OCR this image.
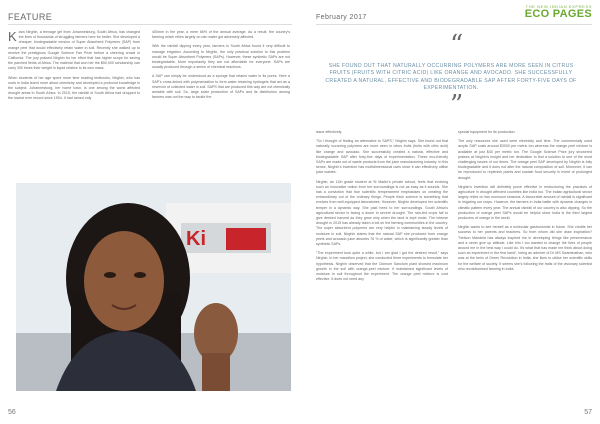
FEATURE

Kiara Nirghin, a teenage girl from Johannesburg, South Africa, has changed the lives of thousands of struggling farmers here for better. She developed a cheaper, biodegradable version of Super Absorbent Polymers (SAP) from orange peel that would effectively retain water in soil. Recently she walked up to receive the prestigious Google Science Fair Prize before a cheering crowd in California. The jury praised Nirghin for her effort that has higher scope for saving the parched fields of Africa. The material that won her the $50,000 scholarship can carry 300 times their weight in liquid relative to its own mass.

When students of her age spent more time reading textbooks, Nirghin, who has roots in India learnt more about chemistry and developed a profound knowledge in the subject. Johannesburg, her home town, is one among the worst affected drought areas in South Africa. In 2015, the rainfall of South Africa had dropped to the lowest ever record since 1904. It had rained only

400mm in the year, a mere 66% of the annual average. As a result, the country's farming which relies largely on rain water got adversely affected.

With the rainfall dipping every year, farmers in South Africa found it very difficult to manage irrigation. According to Nirghin, the only practical solution to this problem would be Super Absorbent Polymers (SAPs). However, these synthetic SAPs are not biodegradable. More importantly they are not affordable for everyone. SAPs are usually produced through a series of chemical reactions.

A SAP can simply be understood as a sponge that retains water in its pores. Here a SAP's cross-linked with polymerization to form water retaining hydrogels that act as a reservoir of collected water in soil. SAPS that are produced this way are not chemically amiable with soil. So, large scale production of SAPs and its distribution among farmers was not the way to tackle the

Ki
56
February 2017
THE NEW INDIAN EXPRESS
ECO PAGES
“
SHE FOUND OUT THAT NATURALLY OCCURRING POLYMERS ARE MORE SEEN IN CITRUS FRUITS (FRUITS WITH CITRIC ACID) LIKE ORANGE AND AVOCADO. SHE SUCCESSFULLY CREATED A NATURAL, EFFECTIVE AND BIODEGRADABLE SAP AFTER FORTY-FIVE DAYS OF EXPERIMENTATION.
”

issue effectively.

"So I thought of finding an alternative to SAPS," Nirghin says. She found out that naturally occurring polymers are more seen in citrus fruits (fruits with citric acid) like orange and avocado. She successfully created a natural, effective and biodegradable SAP after forty-five days of experimentation. These eco-friendly SAPs are made out of waste products from the juice manufacturing industry. In this sense, Nirghin's invention has multidimensional uses since it can effectively utilise juice wastes.

Nirghin, an 11th grade student at St Martin's private school, feels that evolving such an innovative notion from her surroundings is not as easy as it sounds. She has a conviction that true scientific temperament emphasises on creating the extraordinary out of the ordinary things. People think science is something that evolves from well-equipped laboratories. However, Nirghin developed her scientific temper in a dynamic way. She paid heed to her surroundings. South Africa's agricultural sector is facing a doom in severe drought. The rain-fed crops fail to give desired harvest as they grow only when the land is kept moist. The intense drought in 2015 has already taken a toll on the farming communities in the country. The super absorbent polymers are very helpful in maintaining steady levels of moisture in soil. Nirghin claims that the natural SAP she produced from orange peels and avocado juice absorbs 76 % of water, which is significantly greater than synthetic SAPs.

"The experiment took quite a while, but I am glad I got the desired result," says Nirghin. In her marathon project, she conducted three experiments to formulate her hypothesis. Nirghin observed that the Ocimum Sanctum plant showed maximum growth in the soil with orange-peel mixture. It maintained significant levels of moisture in soil throughout the experiment. The orange peel mixture is cost effective. It does not need any

special equipment for its production.

The only resources she used were electricity and time. The commercially used acrylic SAP costs around $3000 per metric ton whereas the orange peel mixture is available at just $40 per metric ton. The Google Science Prize jury showered praises at Nirghin's insight and her dedication to find a solution to one of the most challenging issues of our times. The orange peel SAP developed by Nirghin is fully biodegradable and it does not alter the natural composition of soil. Moreover, it can be reproduced to replenish plants and sustain food security in event of prolonged drought.

Nirghin's invention will definitely prove effective in restructuring the practices of agriculture in drought affected countries like India too. The Indian agricultural sector largely relies on two monsoon seasons. A favourable amount of rainfall is significant in irrigating our crops. However, the farmers in India battle with dynamic changes in climatic pattern every year. The annual rainfall of our country is also dipping. So the production of orange peel SAPs would be helpful since India is the third largest producers of orange in the world.

Nirghin wants to see herself as a molecular gastronomist in future. She credits her success to her parents and teachers. So from whom did she draw inspiration? "Nelson Mandela has always inspired me in developing things like perseverance and a never give up attitude. Like him I too wanted to change the lives of people around me in the best way I could do. It's what that has made me think about doing such an experiment in the first hand", being an admirer of Dr MS Swaminathan, who was at the helm of Green Revolution in India, she likes to utilise her scientific skills for the welfare of society. It seems she's following the trails of the visionary scientist who revolutionised farming in India.

57
